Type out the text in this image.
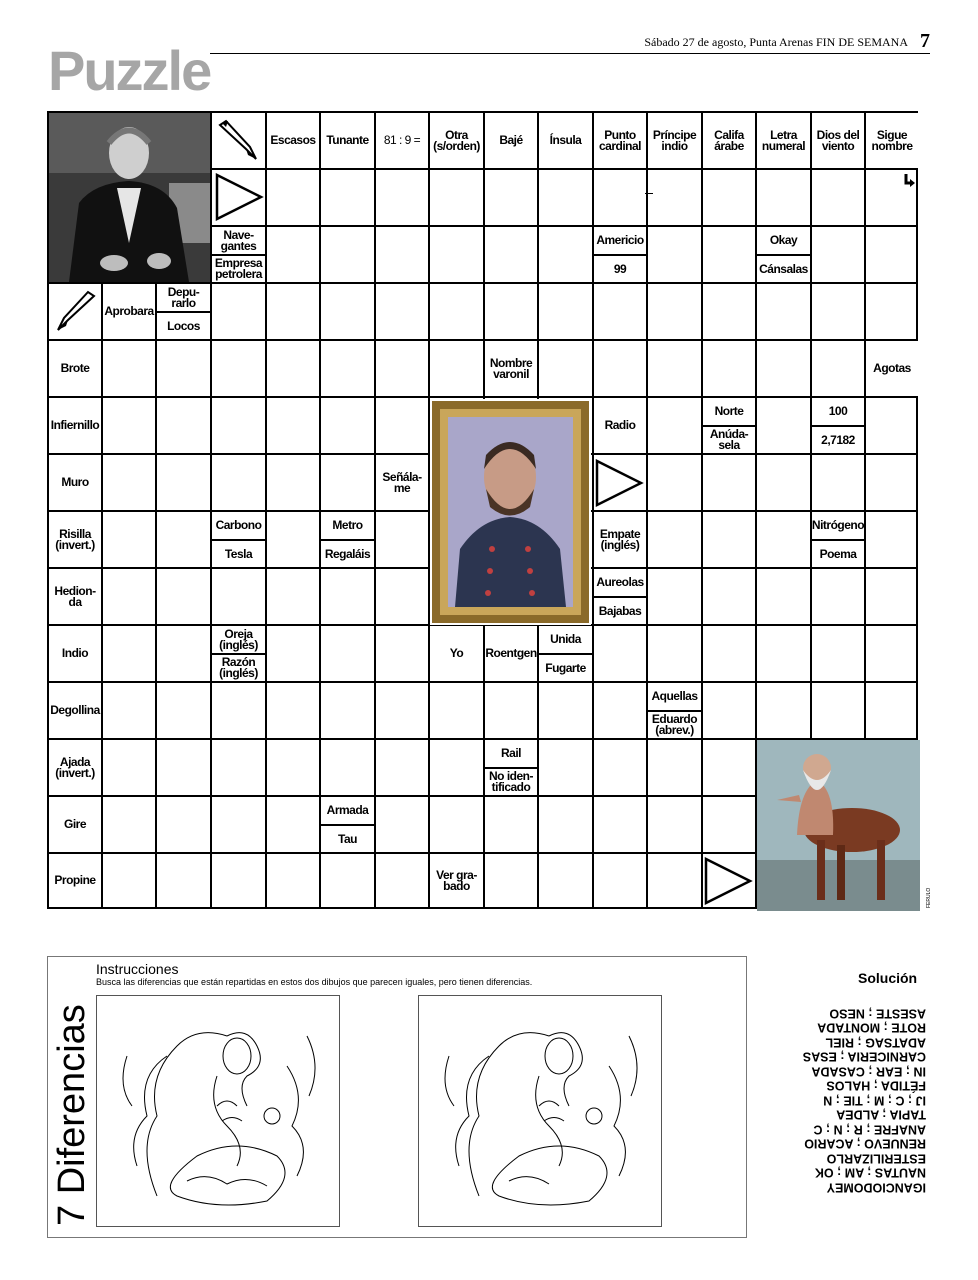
Puzzle	Sábado 27 de agosto, Punta Arenas FIN DE SEMANA 7
Escasos Tunante	81 : 9 =	Otra (s/orden)	Bajé	Ínsula	Punto cardinal
Príncipe indio
Califa árabe
Letra numeral
Dios del viento
Sigue nombre
Nave- gantes
Empresa petrolera
Americio
99
Okay
Cánsalas
Aprobara
Depu- rarlo
Locos
Brote	Nombre varonil	Agotas
Infiernillo	Radio
Norte
Anúda- sela
100
2,7182
Muro	Señála- me
Risilla (invert.)
Carbono
Tesla
Metro
Regaláis
Empate (inglés)
Nitrógeno
Poema
Hedion- da
Aureolas
Bajabas
Indio
Oreja (inglés)
Razón (inglés)
Yo	Roentgen
Unida
Fugarte
Degollina
Aquellas
Eduardo (abrev.)
Ajada (invert.)
Rail
No iden- tificado
Gire
Armada
Tau
Propine	Ver gra- bado
FERULO
7 Diferencias
Instrucciones
Busca las diferencias que están repartidas en estos dos dibujos que parecen iguales, pero tienen diferencias.	Solución
IGANCIODOMEY
NAUTAS ; AM ; OK
ESTERILIZARLO
RENUEVO ; ACARIO
ANAFRE ; R ; N ; C
TAPIA ; ALDEA
IJ ; C ; M ; TIE ; N
FÉTIDA ; HALOS
IN ; EAR ; CASADA
CARNICERIA ; ESAS
ADATSAG ; RIEL
ROTE ; MONTADA
ASESTE ; NESO
